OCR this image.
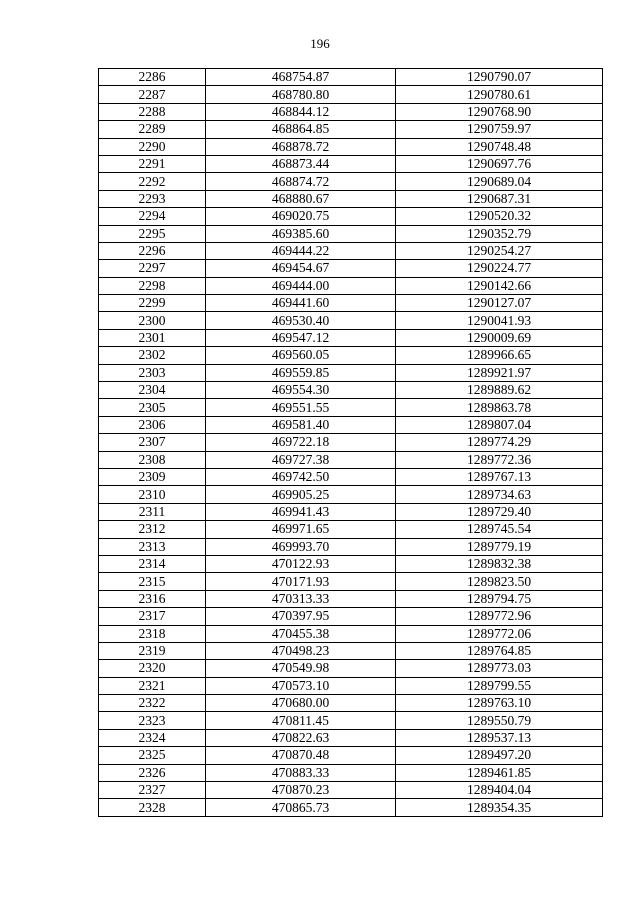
196
2286	468754.87	1290790.07
2287	468780.80	1290780.61
2288	468844.12	1290768.90
2289	468864.85	1290759.97
2290	468878.72	1290748.48
2291	468873.44	1290697.76
2292	468874.72	1290689.04
2293	468880.67	1290687.31
2294	469020.75	1290520.32
2295	469385.60	1290352.79
2296	469444.22	1290254.27
2297	469454.67	1290224.77
2298	469444.00	1290142.66
2299	469441.60	1290127.07
2300	469530.40	1290041.93
2301	469547.12	1290009.69
2302	469560.05	1289966.65
2303	469559.85	1289921.97
2304	469554.30	1289889.62
2305	469551.55	1289863.78
2306	469581.40	1289807.04
2307	469722.18	1289774.29
2308	469727.38	1289772.36
2309	469742.50	1289767.13
2310	469905.25	1289734.63
2311	469941.43	1289729.40
2312	469971.65	1289745.54
2313	469993.70	1289779.19
2314	470122.93	1289832.38
2315	470171.93	1289823.50
2316	470313.33	1289794.75
2317	470397.95	1289772.96
2318	470455.38	1289772.06
2319	470498.23	1289764.85
2320	470549.98	1289773.03
2321	470573.10	1289799.55
2322	470680.00	1289763.10
2323	470811.45	1289550.79
2324	470822.63	1289537.13
2325	470870.48	1289497.20
2326	470883.33	1289461.85
2327	470870.23	1289404.04
2328	470865.73	1289354.35
